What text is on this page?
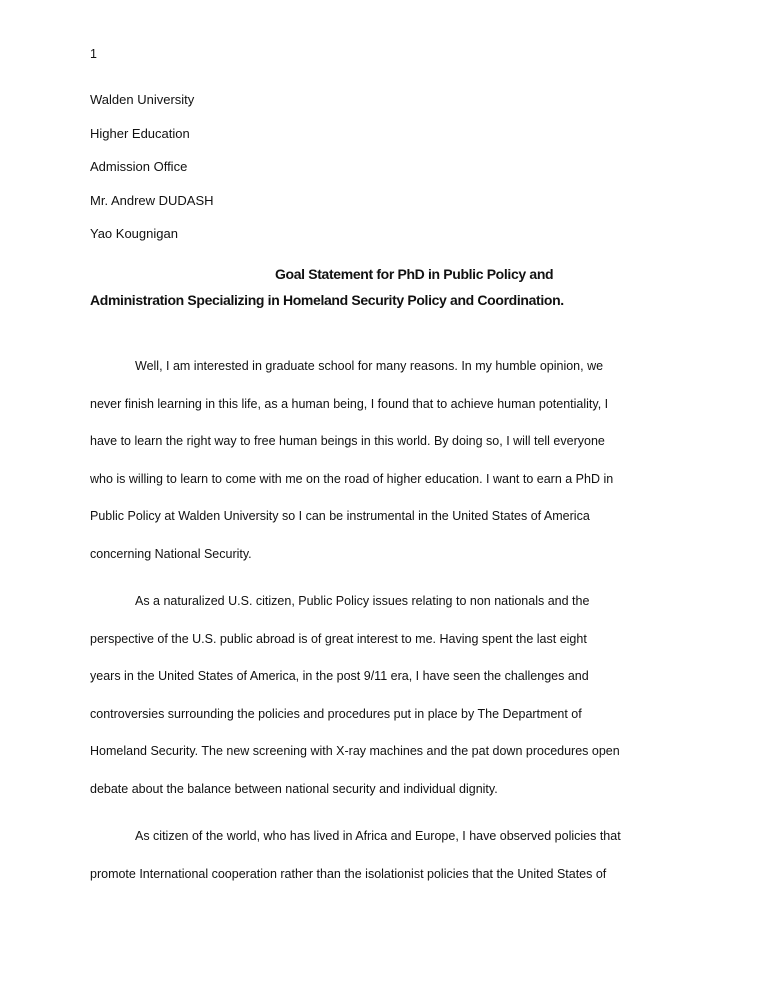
1
Walden University
Higher Education
Admission Office
Mr. Andrew DUDASH
Yao Kougnigan
Goal Statement for PhD in Public Policy and
Administration Specializing in Homeland Security Policy and Coordination.
Well, I am interested in graduate school for many reasons. In my humble opinion, we
never finish learning in this life, as a human being, I found that to achieve human potentiality, I
have to learn the right way to free human beings in this world. By doing so, I will tell everyone
who is willing to learn to come with me on the road of higher education. I want to earn a PhD in
Public Policy at Walden University so I can be instrumental in the United States of America
concerning National Security.
As a naturalized U.S. citizen, Public Policy issues relating to non nationals and the
perspective of the U.S. public abroad is of great interest to me. Having spent the last eight
years in the United States of America, in the post 9/11 era, I have seen the challenges and
controversies surrounding the policies and procedures put in place by The Department of
Homeland Security. The new screening with X-ray machines and the pat down procedures open
debate about the balance between national security and individual dignity.
As citizen of the world, who has lived in Africa and Europe, I have observed policies that
promote International cooperation rather than the isolationist policies that the United States of
